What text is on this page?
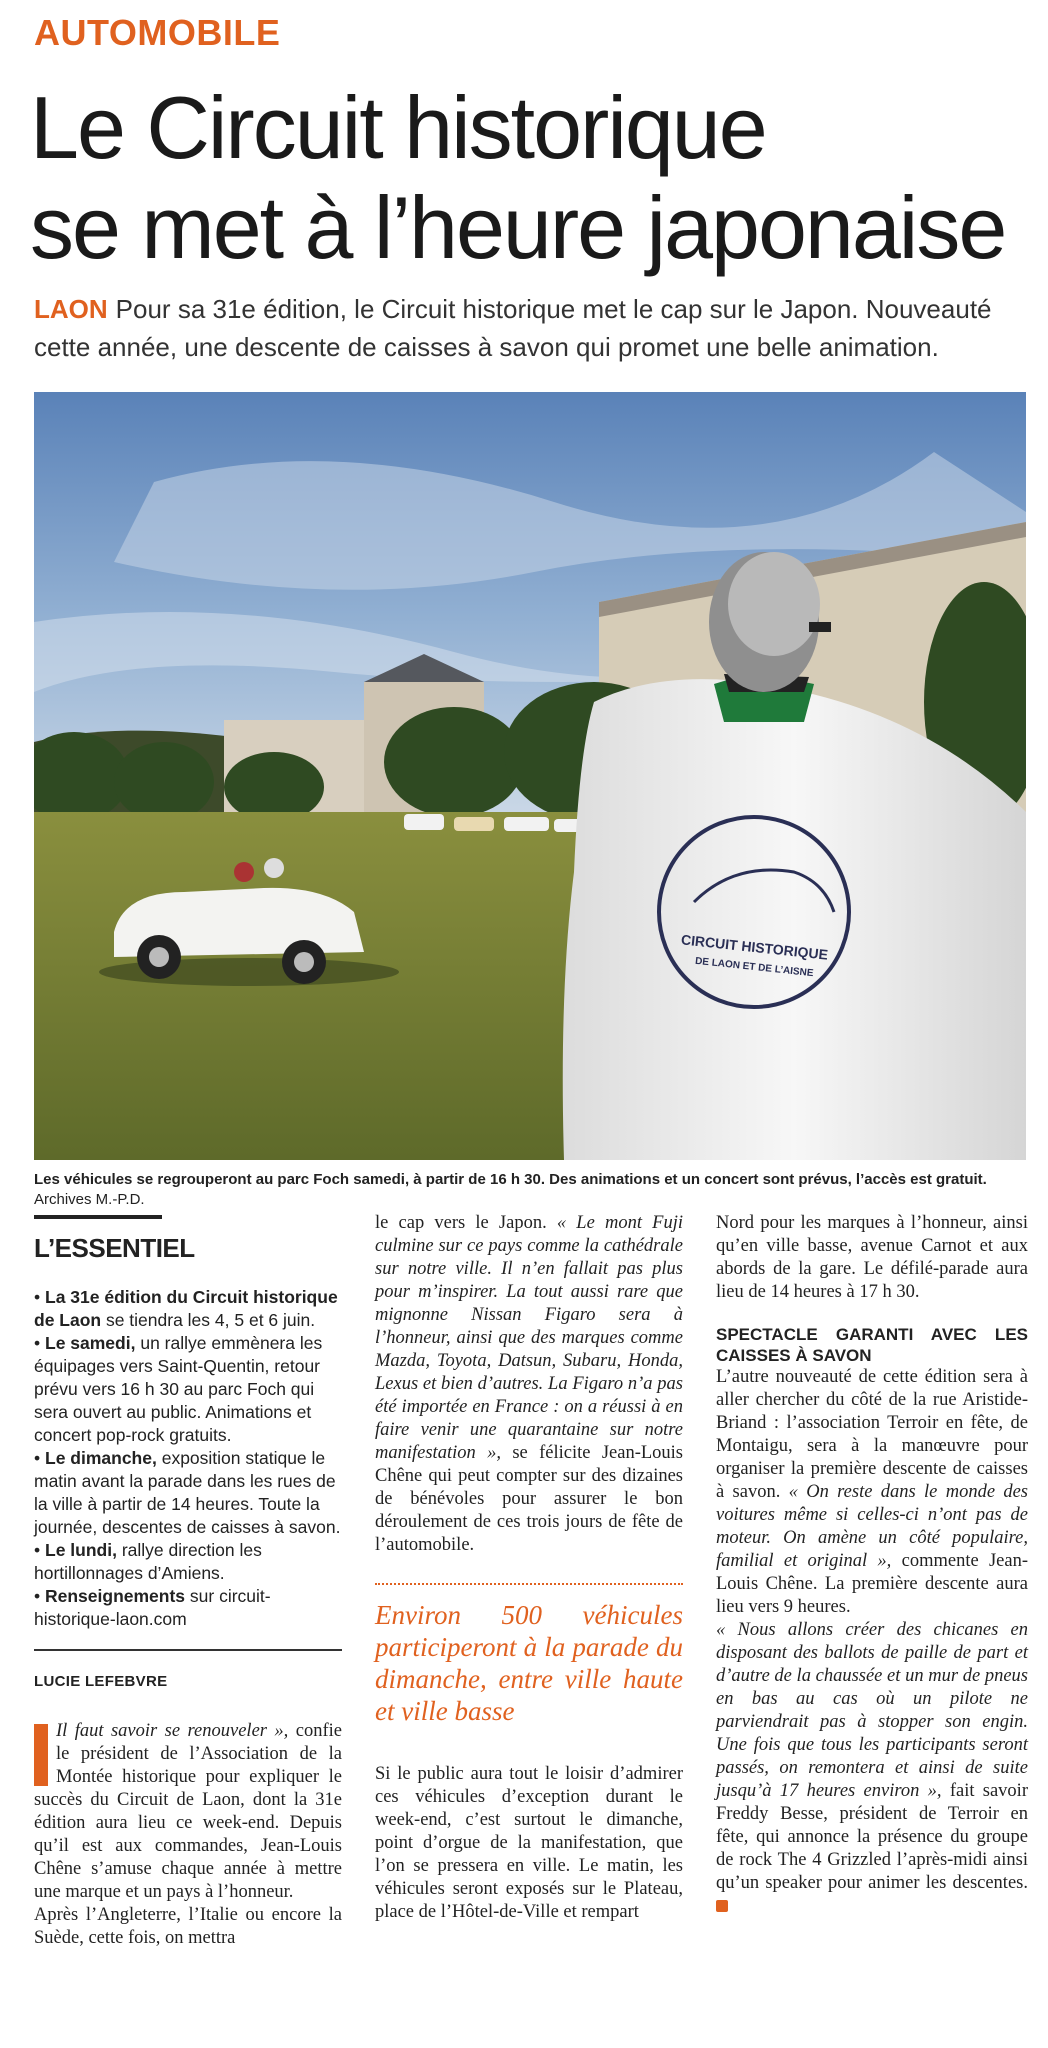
AUTOMOBILE
Le Circuit historique
se met à l’heure japonaise

LAON Pour sa 31e édition, le Circuit historique met le cap sur le Japon. Nouveauté cette année, une descente de caisses à savon qui promet une belle animation.

CIRCUIT HISTORIQUE
DE LAON ET DE L’AISNE

Les véhicules se regrouperont au parc Foch samedi, à partir de 16 h 30. Des animations et un concert sont prévus, l’accès est gratuit. Archives M.-P.D.

L’ESSENTIEL
• La 31e édition du Circuit historique de Laon se tiendra les 4, 5 et 6 juin.
• Le samedi, un rallye emmènera les équipages vers Saint-Quentin, retour prévu vers 16 h 30 au parc Foch qui sera ouvert au public. Animations et concert pop-rock gratuits.
• Le dimanche, exposition statique le matin avant la parade dans les rues de la ville à partir de 14 heures. Toute la journée, descentes de caisses à savon.
• Le lundi, rallye direction les hortillonnages d’Amiens.
• Renseignements sur circuit-historique-laon.com
LUCIE LEFEBVRE
Il faut savoir se renouveler », confie le président de l’Association de la Montée historique pour expliquer le succès du Circuit de Laon, dont la 31e édition aura lieu ce week-end. Depuis qu’il est aux commandes, Jean-Louis Chêne s’amuse chaque année à mettre une marque et un pays à l’honneur.
Après l’Angleterre, l’Italie ou encore la Suède, cette fois, on mettra
le cap vers le Japon. « Le mont Fuji culmine sur ce pays comme la cathédrale sur notre ville. Il n’en fallait pas plus pour m’inspirer. La tout aussi rare que mignonne Nissan Figaro sera à l’honneur, ainsi que des marques comme Mazda, Toyota, Datsun, Subaru, Honda, Lexus et bien d’autres. La Figaro n’a pas été importée en France : on a réussi à en faire venir une quarantaine sur notre manifestation », se félicite Jean-Louis Chêne qui peut compter sur des dizaines de bénévoles pour assurer le bon déroulement de ces trois jours de fête de l’automobile.
Environ 500 véhicules participeront à la parade du dimanche, entre ville haute et ville basse
Si le public aura tout le loisir d’admirer ces véhicules d’exception durant le week-end, c’est surtout le dimanche, point d’orgue de la manifestation, que l’on se pressera en ville. Le matin, les véhicules seront exposés sur le Plateau, place de l’Hôtel-de-Ville et rempart
Nord pour les marques à l’honneur, ainsi qu’en ville basse, avenue Carnot et aux abords de la gare. Le défilé-parade aura lieu de 14 heures à 17 h 30.
SPECTACLE GARANTI AVEC LES CAISSES À SAVON
L’autre nouveauté de cette édition sera à aller chercher du côté de la rue Aristide-Briand : l’association Terroir en fête, de Montaigu, sera à la manœuvre pour organiser la première descente de caisses à savon. « On reste dans le monde des voitures même si celles-ci n’ont pas de moteur. On amène un côté populaire, familial et original », commente Jean-Louis Chêne. La première descente aura lieu vers 9 heures.
« Nous allons créer des chicanes en disposant des ballots de paille de part et d’autre de la chaussée et un mur de pneus en bas au cas où un pilote ne parviendrait pas à stopper son engin. Une fois que tous les participants seront passés, on remontera et ainsi de suite jusqu’à 17 heures environ », fait savoir Freddy Besse, président de Terroir en fête, qui annonce la présence du groupe de rock The 4 Grizzled l’après-midi ainsi qu’un speaker pour animer les descentes.
